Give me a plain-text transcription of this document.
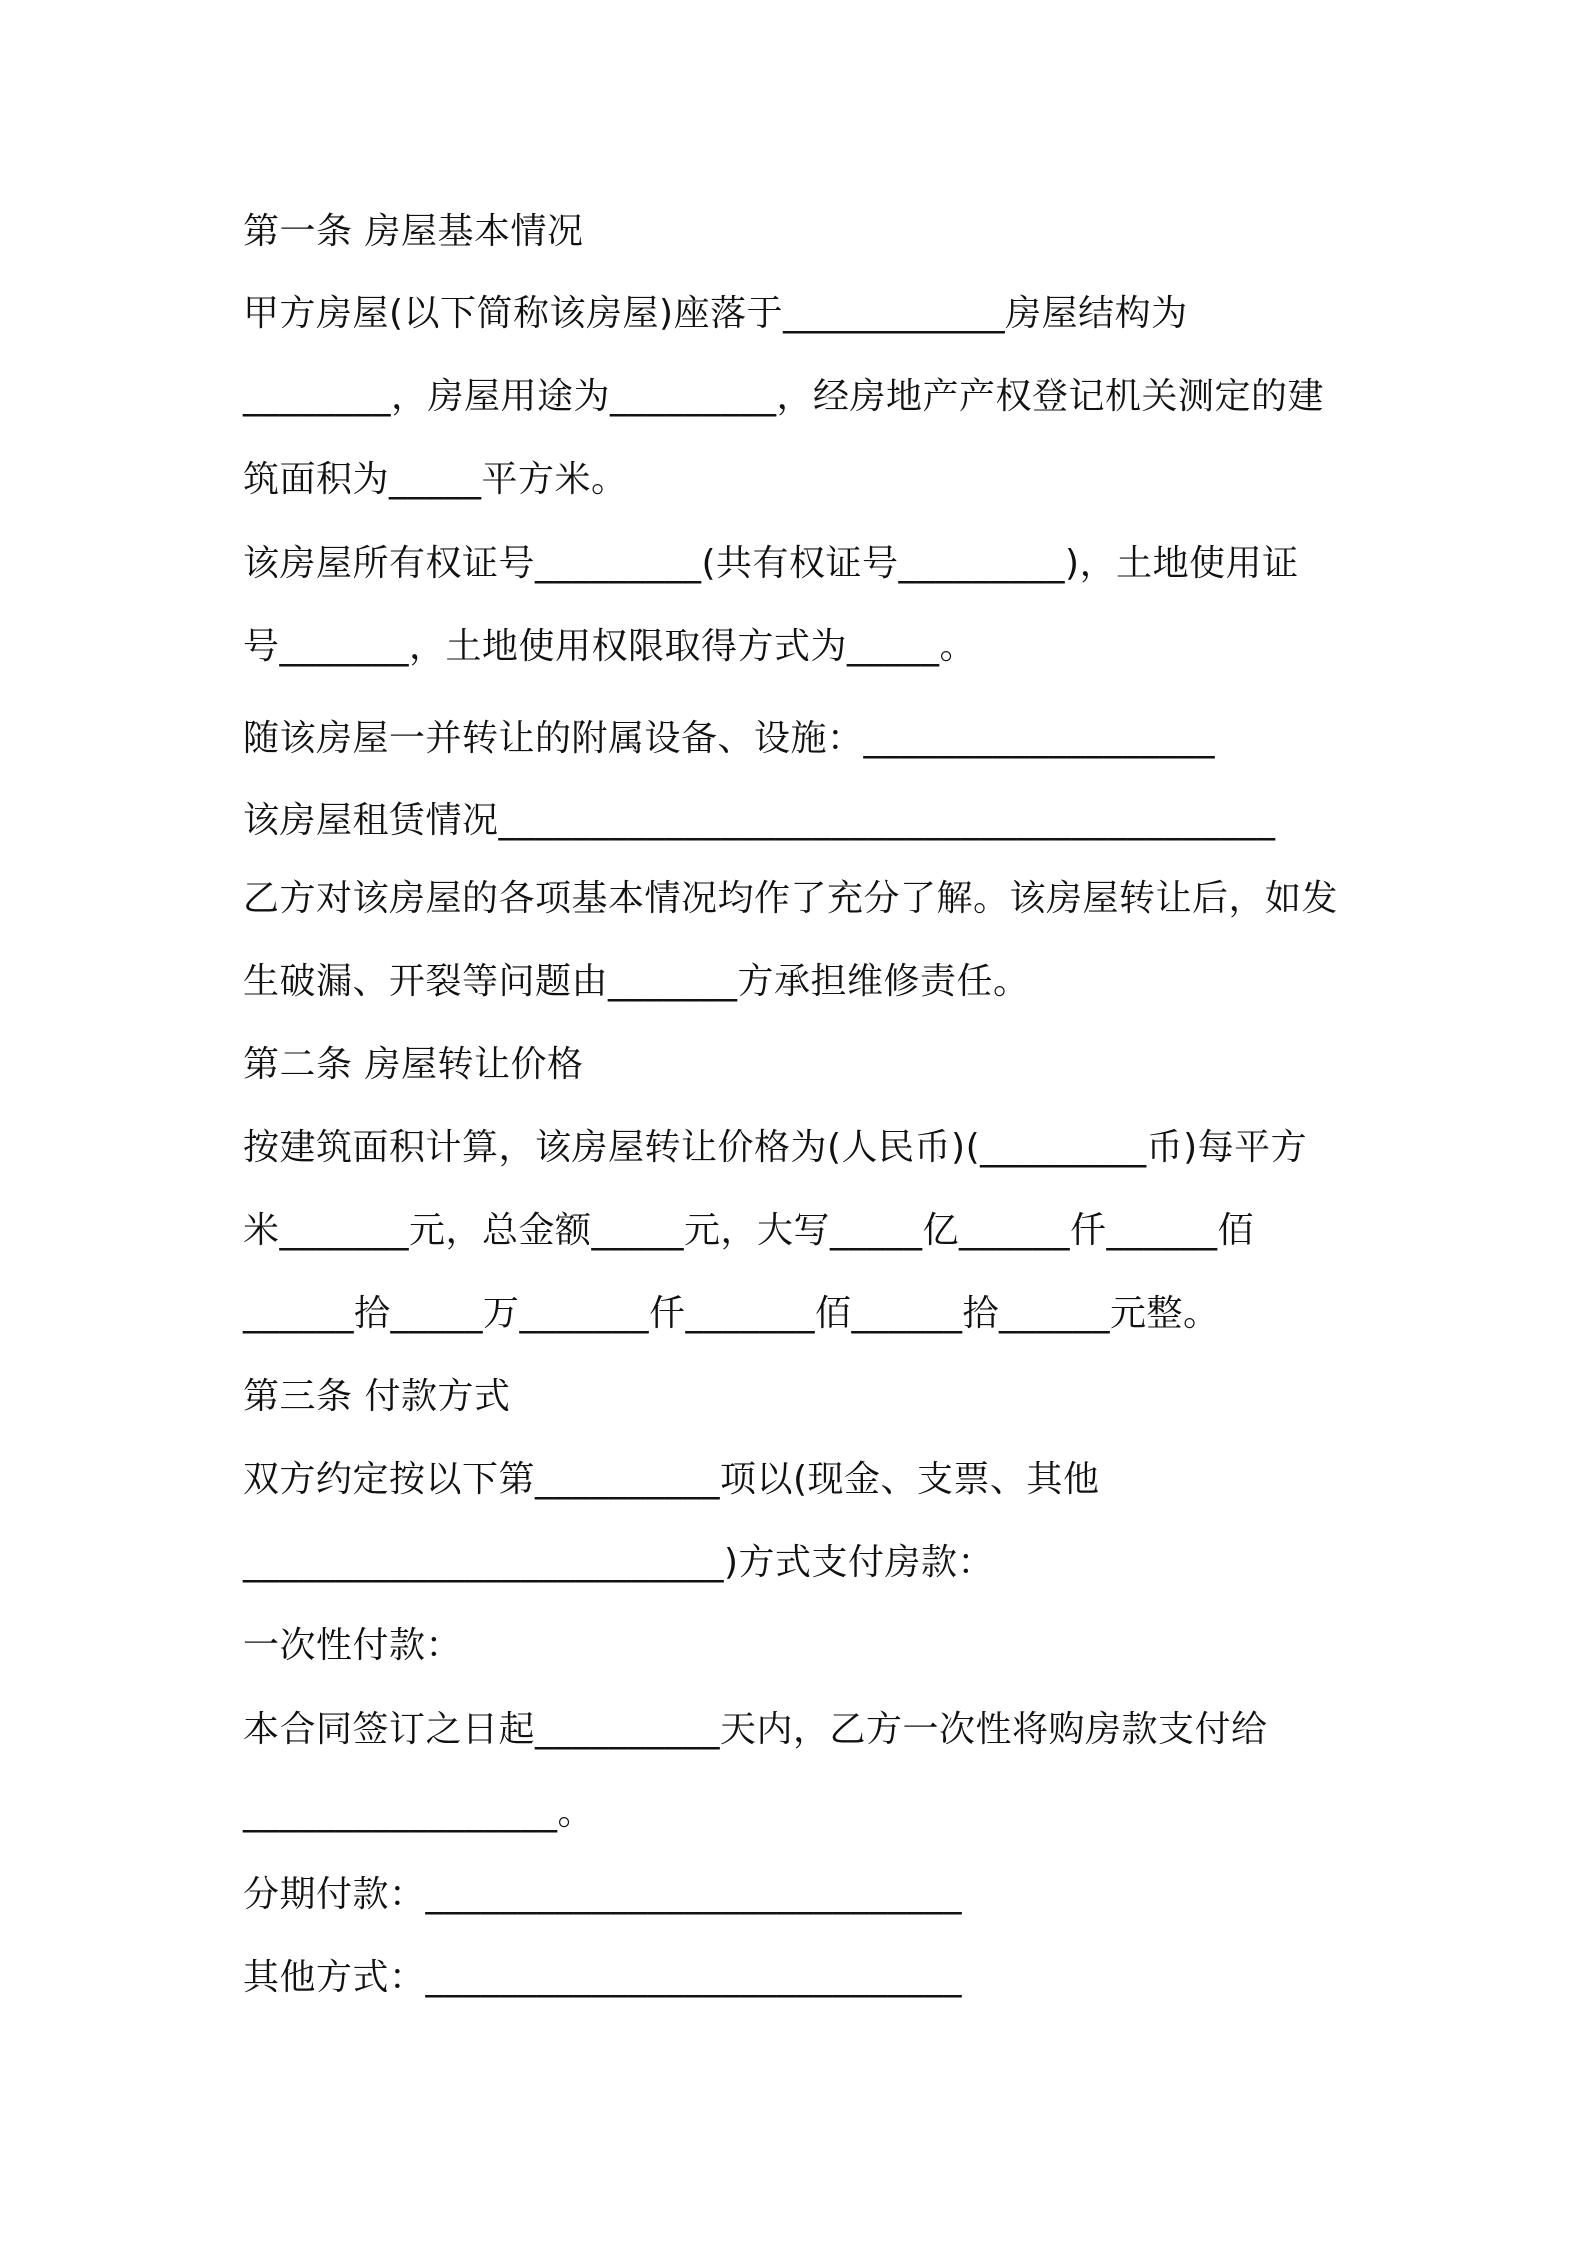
第一条 房屋基本情况
甲方房屋(以下简称该房屋)座落于____________房屋结构为
________，房屋用途为_________，经房地产产权登记机关测定的建
筑面积为_____平方米。
该房屋所有权证号_________(共有权证号_________)，土地使用证
号_______，土地使用权限取得方式为_____。
随该房屋一并转让的附属设备、设施：___________________
该房屋租赁情况__________________________________________
乙方对该房屋的各项基本情况均作了充分了解。该房屋转让后，如发
生破漏、开裂等问题由_______方承担维修责任。
第二条 房屋转让价格
按建筑面积计算，该房屋转让价格为(人民币)(_________币)每平方
米_______元，总金额_____元，大写_____亿______仟______佰
______拾_____万_______仟_______佰______拾______元整。
第三条 付款方式
双方约定按以下第__________项以(现金、支票、其他
__________________________)方式支付房款：
一次性付款：
本合同签订之日起__________天内，乙方一次性将购房款支付给
_________________。
分期付款：_____________________________
其他方式：_____________________________
